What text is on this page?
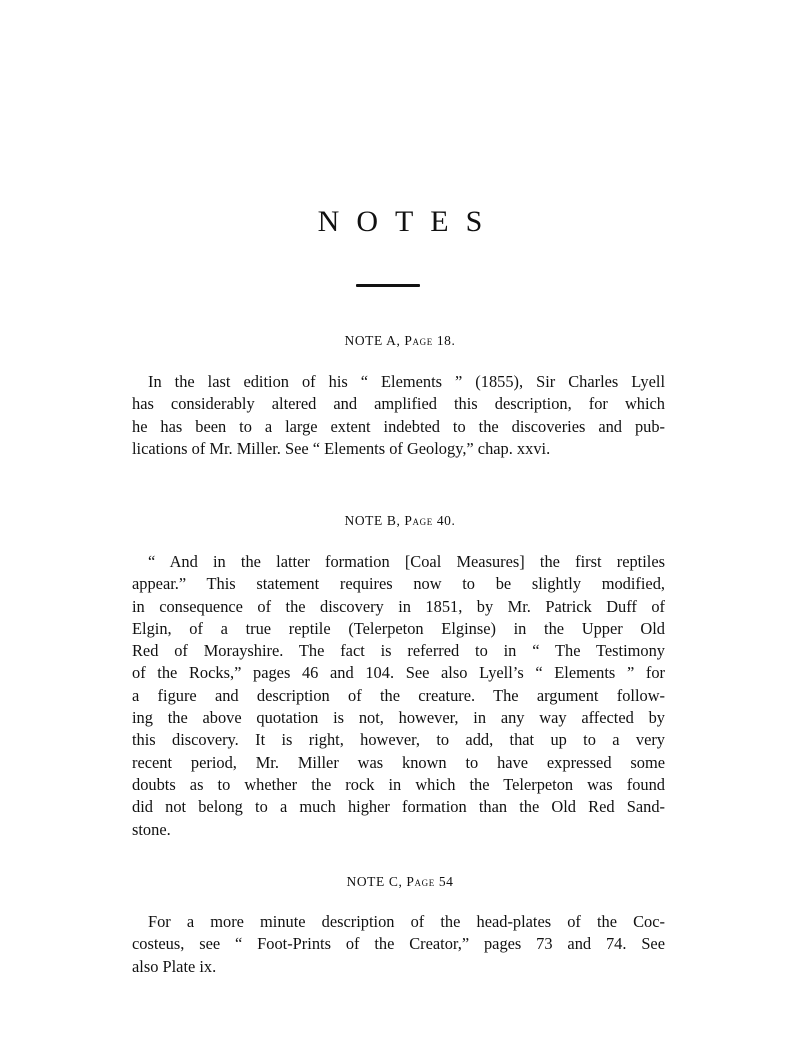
NOTES
NOTE A, Page 18.
In the last edition of his “ Elements ” (1855), Sir Charles Lyell
has considerably altered and amplified this description, for which
he has been to a large extent indebted to the discoveries and pub-
lications of Mr. Miller. See “ Elements of Geology,” chap. xxvi.
NOTE B, Page 40.
“ And in the latter formation [Coal Measures] the first reptiles
appear.” This statement requires now to be slightly modified,
in consequence of the discovery in 1851, by Mr. Patrick Duff of
Elgin, of a true reptile (Telerpeton Elginse) in the Upper Old
Red of Morayshire. The fact is referred to in “ The Testimony
of the Rocks,” pages 46 and 104. See also Lyell’s “ Elements ” for
a figure and description of the creature. The argument follow-
ing the above quotation is not, however, in any way affected by
this discovery. It is right, however, to add, that up to a very
recent period, Mr. Miller was known to have expressed some
doubts as to whether the rock in which the Telerpeton was found
did not belong to a much higher formation than the Old Red Sand-
stone.
NOTE C, Page 54
For a more minute description of the head-plates of the Coc-
costeus, see “ Foot-Prints of the Creator,” pages 73 and 74. See
also Plate ix.
